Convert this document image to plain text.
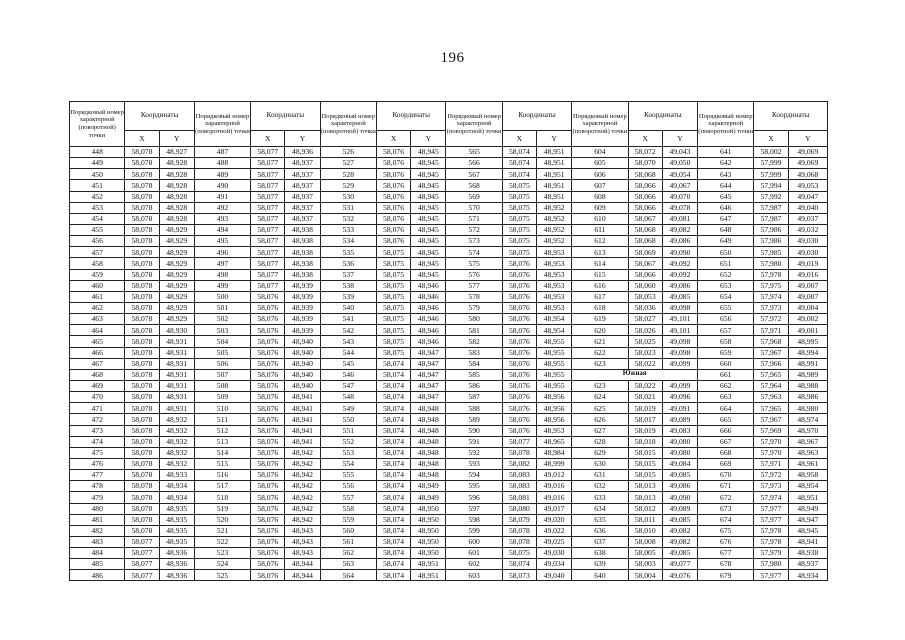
196
Порядковый номер характерной (поворотной) точки	Координаты		Порядковый номер характерной (поворотной) точки	Координаты		Порядковый номер характерной (поворотной) точки	Координаты		Порядковый номер характерной (поворотной) точки	Координаты		Порядковый номер характерной (поворотной) точки	Координаты		Порядковый номер характерной (поворотной) точки	Координаты	
	X	Y		X	Y		X	Y		X	Y		X	Y		X	Y
448	58,078	48,927	487	58,077	48,936	526	58,076	48,945	565	58,074	48,951	604	58,072	49,043	641	58,002	49,069
449	58,078	48,928	488	58,077	48,937	527	58,076	48,945	566	58,074	48,951	605	58,070	49,050	642	57,999	49,069
450	58,078	48,928	489	58,077	48,937	528	58,076	48,945	567	58,074	48,951	606	58,068	49,054	643	57,999	49,068
451	58,078	48,928	490	58,077	48,937	529	58,076	48,945	568	58,075	48,951	607	58,066	49,067	644	57,994	49,053
452	58,078	48,928	491	58,077	48,937	530	58,076	48,945	569	58,075	48,951	608	58,066	49,070	645	57,992	49,047
453	58,078	48,928	492	58,077	48,937	531	58,076	48,945	570	58,075	48,952	609	58,066	49,078	646	57,987	49,040
454	58,078	48,928	493	58,077	48,937	532	58,076	48,945	571	58,075	48,952	610	58,067	49,081	647	57,987	49,037
455	58,078	48,929	494	58,077	48,938	533	58,076	48,945	572	58,075	48,952	611	58,068	49,082	648	57,986	49,032
456	58,078	48,929	495	58,077	48,938	534	58,076	48,945	573	58,075	48,952	612	58,068	49,086	649	57,986	49,030
457	58,078	48,929	496	58,077	48,938	535	58,075	48,945	574	58,075	48,953	613	58,069	49,090	650	57,985	49,030
458	58,078	48,929	497	58,077	48,938	536	58,075	48,945	575	58,076	48,953	614	58,067	49,092	651	57,980	49,019
459	58,078	48,929	498	58,077	48,938	537	58,075	48,945	576	58,076	48,953	615	58,066	49,092	652	57,978	49,016
460	58,078	48,929	499	58,077	48,939	538	58,075	48,946	577	58,076	48,953	616	58,060	49,086	653	57,975	49,007
461	58,078	48,929	500	58,076	48,939	539	58,075	48,946	578	58,076	48,953	617	58,053	49,085	654	57,974	49,007
462	58,078	48,929	501	58,076	48,939	540	58,075	48,946	579	58,076	48,953	618	58,036	49,098	655	57,973	49,004
463	58,078	48,929	502	58,076	48,939	541	58,075	48,946	580	58,076	48,954	619	58,027	49,101	656	57,972	49,002
464	58,078	48,930	503	58,076	48,939	542	58,075	48,946	581	58,076	48,954	620	58,026	49,101	657	57,971	49,001
465	58,078	48,931	504	58,076	48,940	543	58,075	48,946	582	58,076	48,955	621	58,025	49,098	658	57,968	48,995
466	58,078	48,931	505	58,076	48,940	544	58,075	48,947	583	58,076	48,955	622	58,023	49,098	659	57,967	48,994
467	58,078	48,931	506	58,076	48,940	545	58,074	48,947	584	58,076	48,955	623	58,022	49,099	660	57,966	48,991
468	58,078	48,931	507	58,076	48,940	546	58,074	48,947	585	58,076	48,955	Южная			661	57,965	48,989
469	58,078	48,931	508	58,076	48,940	547	58,074	48,947	586	58,076	48,955	623	58,022	49,099	662	57,964	48,988
470	58,078	48,931	509	58,076	48,941	548	58,074	48,947	587	58,076	48,956	624	58,021	49,096	663	57,963	48,986
471	58,078	48,931	510	58,076	48,941	549	58,074	48,948	588	58,076	48,956	625	58,019	49,091	664	57,965	48,980
472	58,078	48,932	511	58,076	48,941	550	58,074	48,948	589	58,076	48,956	626	58,017	49,089	665	57,967	48,974
473	58,078	48,932	512	58,076	48,941	551	58,074	48,948	590	58,076	48,953	627	58,019	49,083	666	57,969	48,970
474	58,078	48,932	513	58,076	48,941	552	58,074	48,948	591	58,077	48,965	628	58,018	49,080	667	57,970	48,967
475	58,078	48,932	514	58,076	48,942	553	58,074	48,948	592	58,078	48,984	629	58,015	49,080	668	57,970	48,963
476	58,078	48,932	515	58,076	48,942	554	58,074	48,948	593	58,082	48,999	630	58,015	49,084	669	57,971	48,961
477	58,078	48,933	516	58,076	48,942	555	58,074	48,948	594	58,083	49,012	631	58,015	49,085	670	57,972	48,958
478	58,078	48,934	517	58,076	48,942	556	58,074	48,949	595	58,083	49,016	632	58,013	49,086	671	57,973	48,954
479	58,078	48,934	518	58,076	48,942	557	58,074	48,949	596	58,081	49,016	633	58,013	49,090	672	57,974	48,951
480	58,078	48,935	519	58,076	48,942	558	58,074	48,950	597	58,080	49,017	634	58,012	49,089	673	57,977	48,949
481	58,078	48,935	520	58,076	48,942	559	58,074	48,950	598	58,079	49,020	635	58,011	49,085	674	57,977	48,947
482	58,078	48,935	521	58,076	48,943	560	58,074	48,950	599	58,078	49,022	636	58,010	49,082	675	57,978	48,945
483	58,077	48,935	522	58,076	48,943	561	58,074	48,950	600	58,078	49,025	637	58,008	49,082	676	57,978	48,941
484	58,077	48,936	523	58,076	48,943	562	58,074	48,950	601	58,075	49,030	638	58,005	49,085	677	57,979	48,938
485	58,077	48,936	524	58,076	48,944	563	58,074	48,951	602	58,074	49,034	639	58,003	49,077	678	57,980	48,937
486	58,077	48,936	525	58,076	48,944	564	58,074	48,951	603	58,073	49,040	640	58,004	49,076	679	57,977	48,934
